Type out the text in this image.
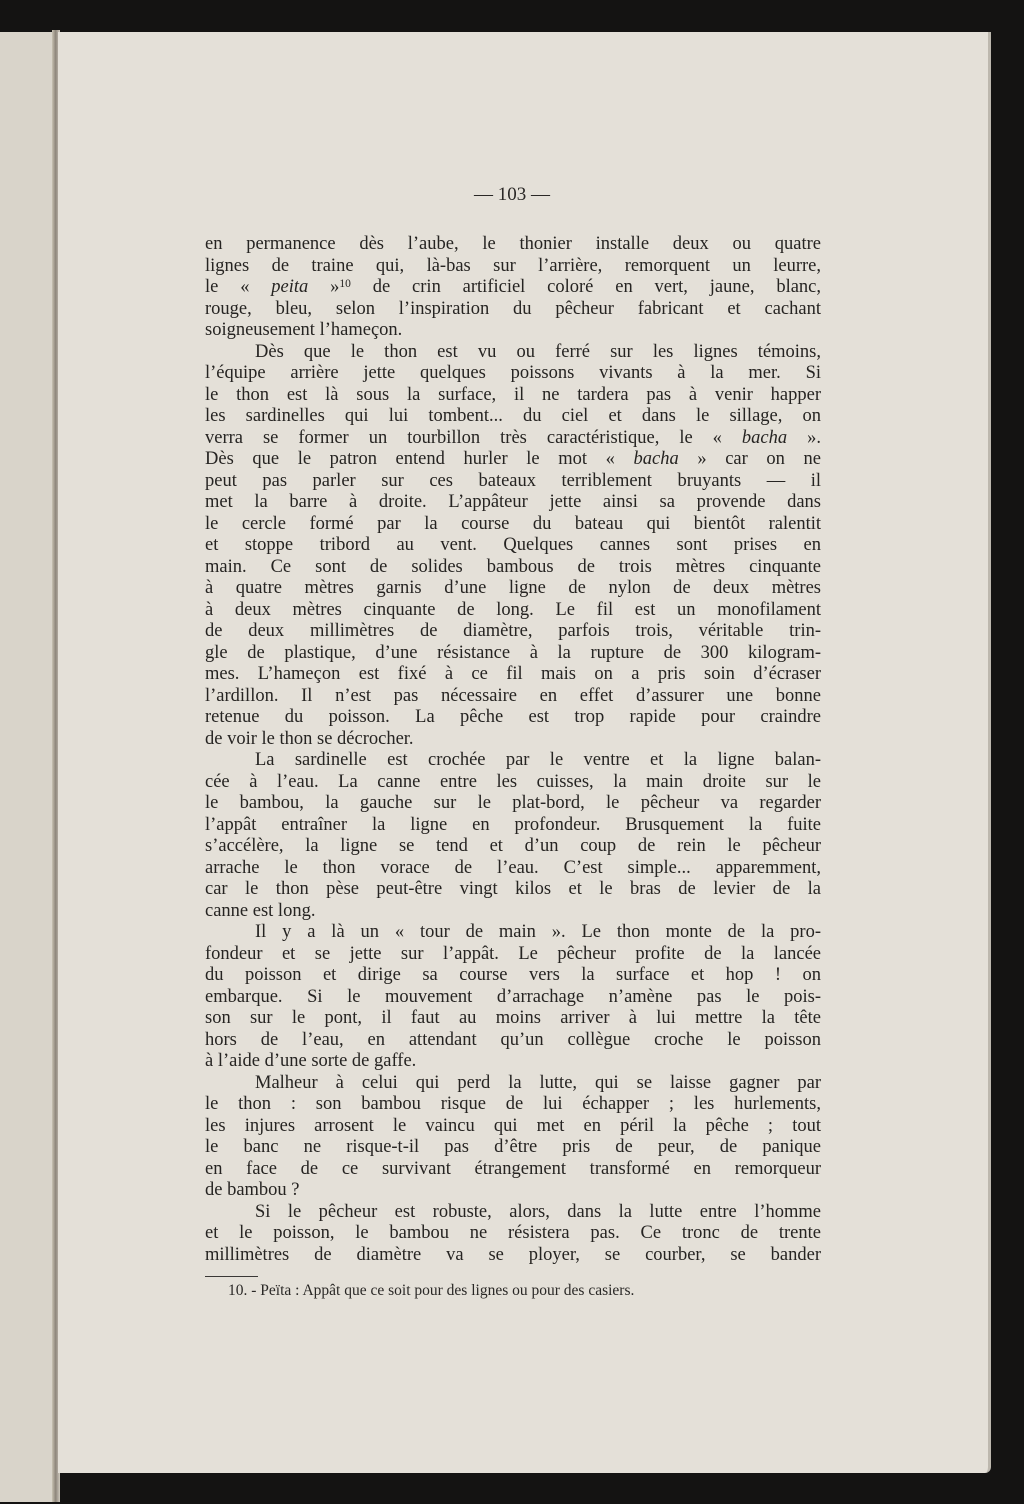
— 103 —
en permanence dès l’aube, le thonier installe deux ou quatre
lignes de traine qui, là-bas sur l’arrière, remorquent un leurre,
le « peita »$^{10}$ de crin artificiel coloré en vert, jaune, blanc,
rouge, bleu, selon l’inspiration du pêcheur fabricant et cachant
soigneusement l’hameçon.
Dès que le thon est vu ou ferré sur les lignes témoins,
l’équipe arrière jette quelques poissons vivants à la mer. Si
le thon est là sous la surface, il ne tardera pas à venir happer
les sardinelles qui lui tombent... du ciel et dans le sillage, on
verra se former un tourbillon très caractéristique, le « bacha ».
Dès que le patron entend hurler le mot « bacha » car on ne
peut pas parler sur ces bateaux terriblement bruyants — il
met la barre à droite. L’appâteur jette ainsi sa provende dans
le cercle formé par la course du bateau qui bientôt ralentit
et stoppe tribord au vent. Quelques cannes sont prises en
main. Ce sont de solides bambous de trois mètres cinquante
à quatre mètres garnis d’une ligne de nylon de deux mètres
à deux mètres cinquante de long. Le fil est un monofilament
de deux millimètres de diamètre, parfois trois, véritable trin-
gle de plastique, d’une résistance à la rupture de 300 kilogram-
mes. L’hameçon est fixé à ce fil mais on a pris soin d’écraser
l’ardillon. Il n’est pas nécessaire en effet d’assurer une bonne
retenue du poisson. La pêche est trop rapide pour craindre
de voir le thon se décrocher.
La sardinelle est crochée par le ventre et la ligne balan-
cée à l’eau. La canne entre les cuisses, la main droite sur le
le bambou, la gauche sur le plat-bord, le pêcheur va regarder
l’appât entraîner la ligne en profondeur. Brusquement la fuite
s’accélère, la ligne se tend et d’un coup de rein le pêcheur
arrache le thon vorace de l’eau. C’est simple... apparemment,
car le thon pèse peut-être vingt kilos et le bras de levier de la
canne est long.
Il y a là un « tour de main ». Le thon monte de la pro-
fondeur et se jette sur l’appât. Le pêcheur profite de la lancée
du poisson et dirige sa course vers la surface et hop ! on
embarque. Si le mouvement d’arrachage n’amène pas le pois-
son sur le pont, il faut au moins arriver à lui mettre la tête
hors de l’eau, en attendant qu’un collègue croche le poisson
à l’aide d’une sorte de gaffe.
Malheur à celui qui perd la lutte, qui se laisse gagner par
le thon : son bambou risque de lui échapper ; les hurlements,
les injures arrosent le vaincu qui met en péril la pêche ; tout
le banc ne risque-t-il pas d’être pris de peur, de panique
en face de ce survivant étrangement transformé en remorqueur
de bambou ?
Si le pêcheur est robuste, alors, dans la lutte entre l’homme
et le poisson, le bambou ne résistera pas. Ce tronc de trente
millimètres de diamètre va se ployer, se courber, se bander
10. - Peïta : Appât que ce soit pour des lignes ou pour des casiers.
